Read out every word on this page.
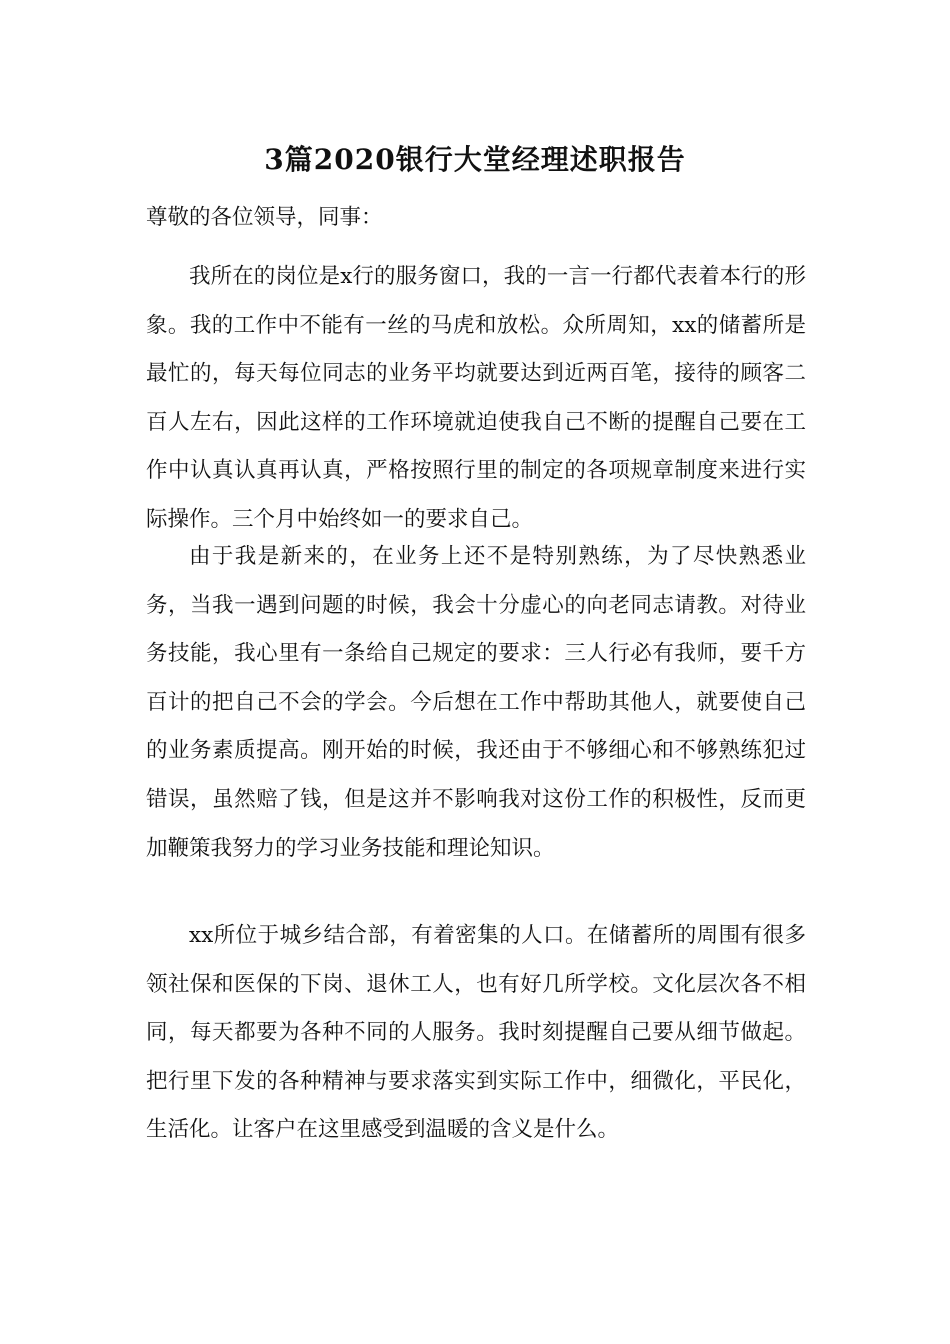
3篇2020银行大堂经理述职报告

尊敬的各位领导，同事：

我所在的岗位是x行的服务窗口，我的一言一行都代表着本行的形象。我的工作中不能有一丝的马虎和放松。众所周知，xx的储蓄所是最忙的，每天每位同志的业务平均就要达到近两百笔，接待的顾客二百人左右，因此这样的工作环境就迫使我自己不断的提醒自己要在工作中认真认真再认真，严格按照行里的制定的各项规章制度来进行实际操作。三个月中始终如一的要求自己。

由于我是新来的，在业务上还不是特别熟练，为了尽快熟悉业务，当我一遇到问题的时候，我会十分虚心的向老同志请教。对待业务技能，我心里有一条给自己规定的要求：三人行必有我师，要千方百计的把自己不会的学会。今后想在工作中帮助其他人，就要使自己的业务素质提高。刚开始的时候，我还由于不够细心和不够熟练犯过错误，虽然赔了钱，但是这并不影响我对这份工作的积极性，反而更加鞭策我努力的学习业务技能和理论知识。

xx所位于城乡结合部，有着密集的人口。在储蓄所的周围有很多领社保和医保的下岗、退休工人，也有好几所学校。文化层次各不相同，每天都要为各种不同的人服务。我时刻提醒自己要从细节做起。把行里下发的各种精神与要求落实到实际工作中，细微化，平民化，生活化。让客户在这里感受到温暖的含义是什么。
